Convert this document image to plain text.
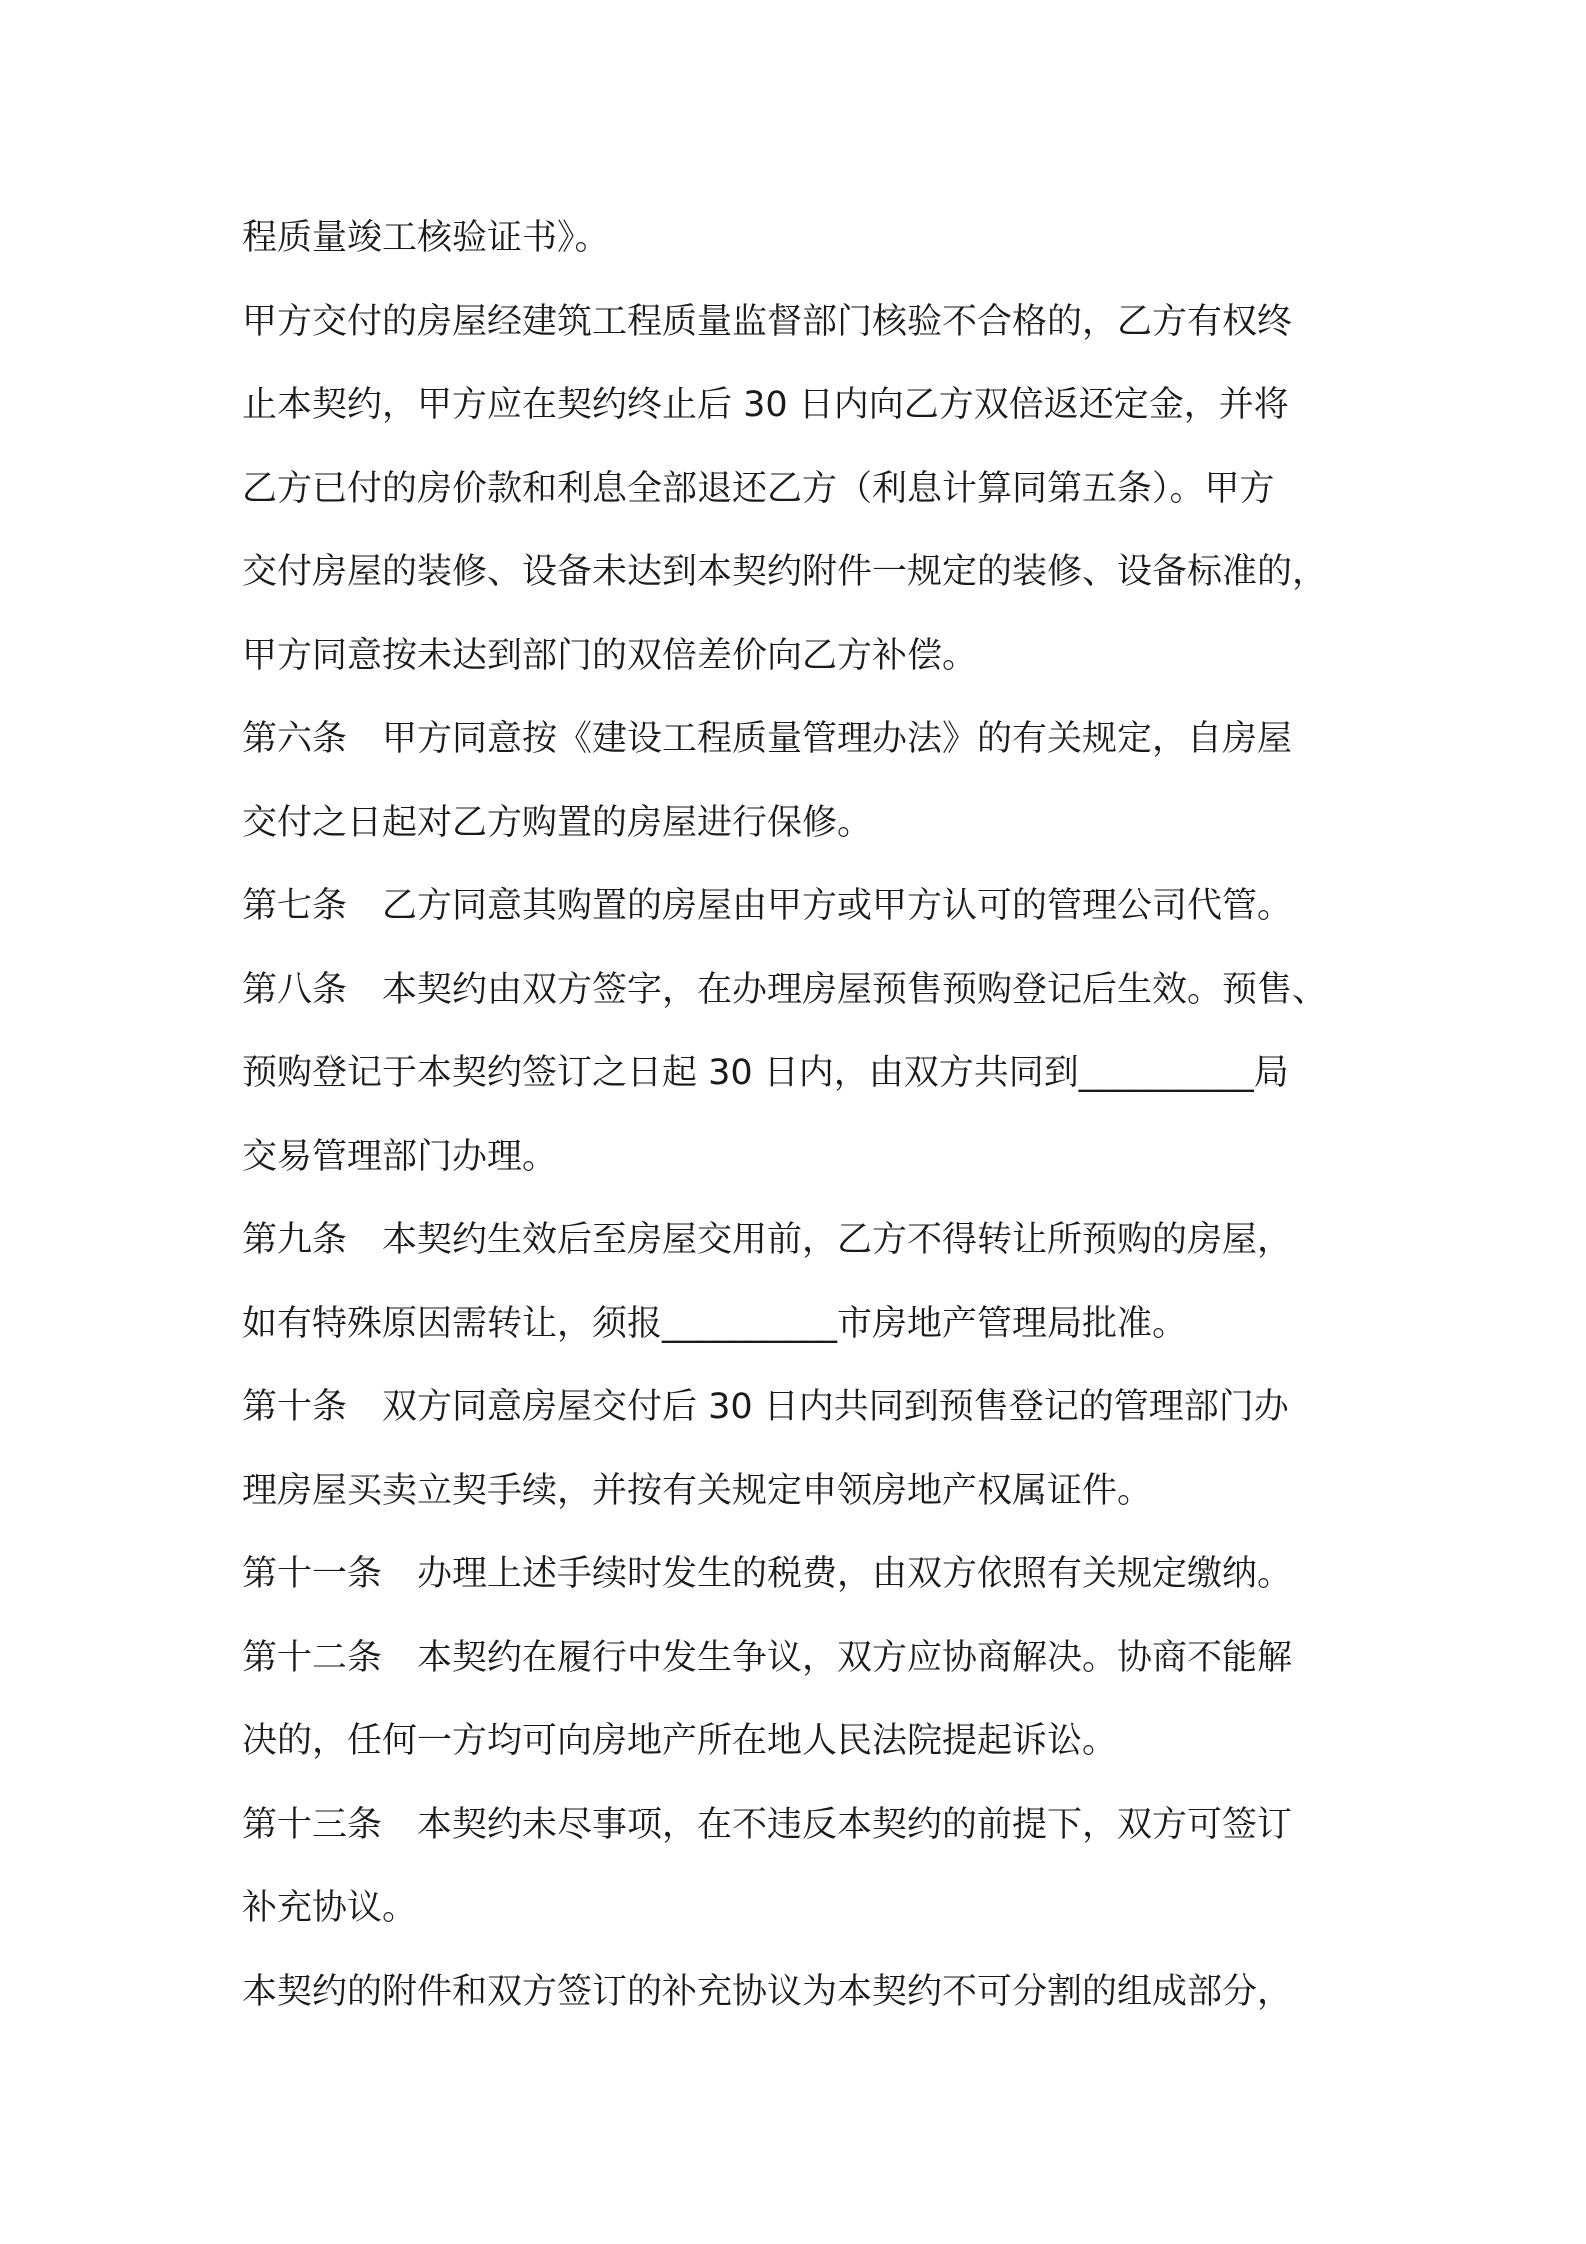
程质量竣工核验证书》。
甲方交付的房屋经建筑工程质量监督部门核验不合格的，乙方有权终
止本契约，甲方应在契约终止后 30 日内向乙方双倍返还定金，并将
乙方已付的房价款和利息全部退还乙方（利息计算同第五条）。甲方
交付房屋的装修、设备未达到本契约附件一规定的装修、设备标准的，
甲方同意按未达到部门的双倍差价向乙方补偿。
第六条　甲方同意按《建设工程质量管理办法》的有关规定，自房屋
交付之日起对乙方购置的房屋进行保修。
第七条　乙方同意其购置的房屋由甲方或甲方认可的管理公司代管。
第八条　本契约由双方签字，在办理房屋预售预购登记后生效。预售、
预购登记于本契约签订之日起 30 日内，由双方共同到__________局
交易管理部门办理。
第九条　本契约生效后至房屋交用前，乙方不得转让所预购的房屋，
如有特殊原因需转让，须报__________市房地产管理局批准。
第十条　双方同意房屋交付后 30 日内共同到预售登记的管理部门办
理房屋买卖立契手续，并按有关规定申领房地产权属证件。
第十一条　办理上述手续时发生的税费，由双方依照有关规定缴纳。
第十二条　本契约在履行中发生争议，双方应协商解决。协商不能解
决的，任何一方均可向房地产所在地人民法院提起诉讼。
第十三条　本契约未尽事项，在不违反本契约的前提下，双方可签订
补充协议。
本契约的附件和双方签订的补充协议为本契约不可分割的组成部分，
